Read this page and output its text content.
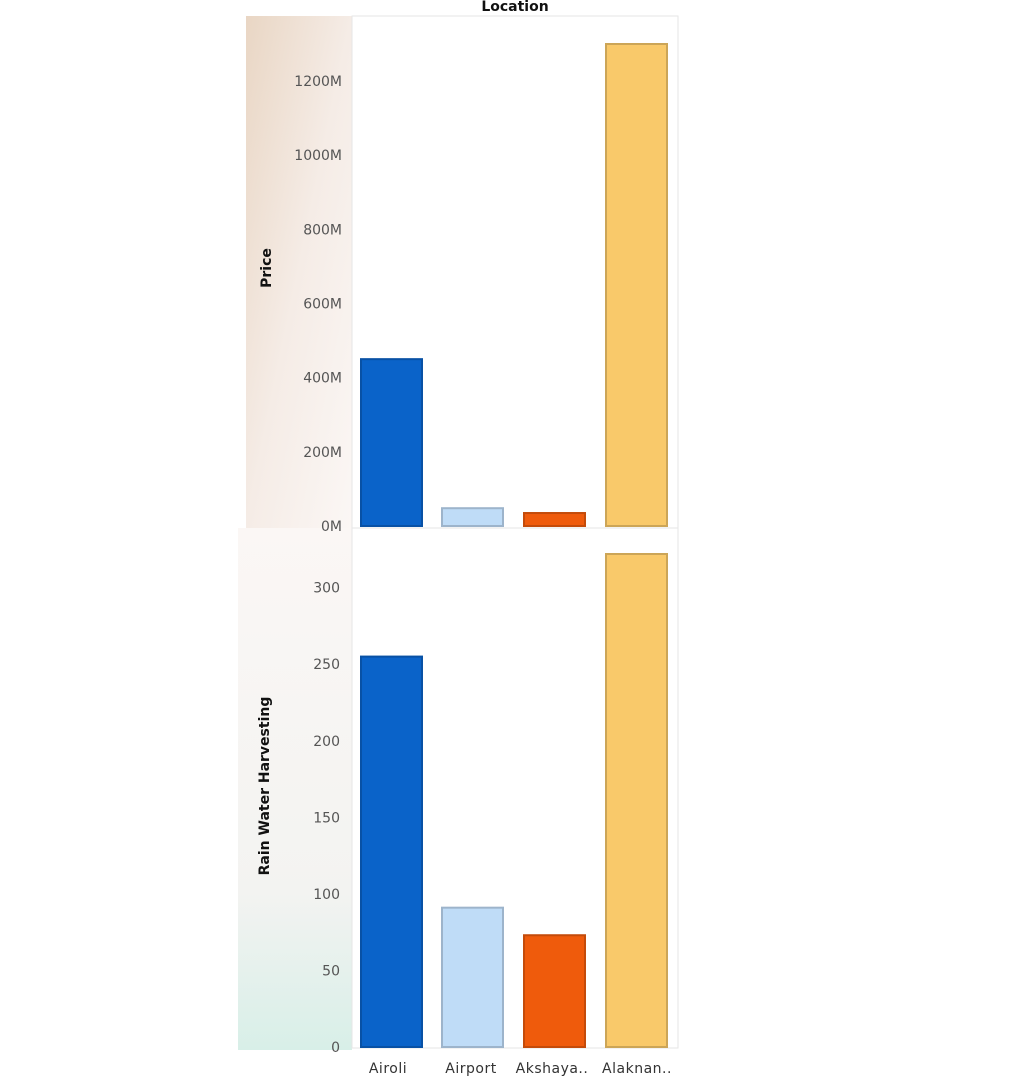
Location
Price
Rain Water Harvesting
0M
200M
400M
600M
800M
1000M
1200M
0
50
100
150
200
250
300
Airoli	Airport Akshaya.. Alaknan..
